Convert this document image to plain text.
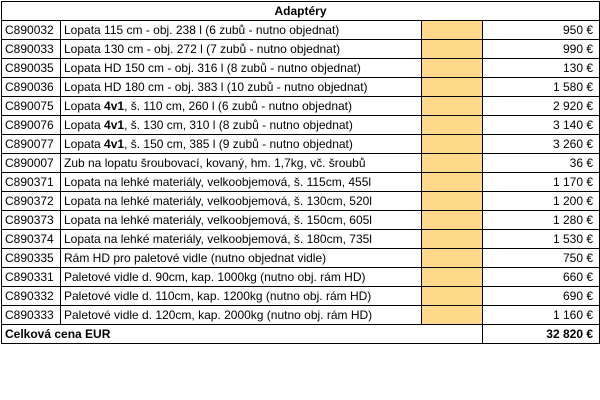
Adaptéry			
C890032	Lopata 115 cm - obj. 238 l (6 zubů - nutno objednat)		950 €
C890033	Lopata 130 cm - obj. 272 l (7 zubů - nutno objednat)		990 €
C890035	Lopata HD 150 cm - obj. 316 l (8 zubů - nutno objednat)		130 €
C890036	Lopata HD 180 cm - obj. 383 l (10 zubů - nutno objednat)		1 580 €
C890075	Lopata 4v1, š. 110 cm, 260 l (6 zubů - nutno objednat)		2 920 €
C890076	Lopata 4v1, š. 130 cm, 310 l (8 zubů - nutno objednat)		3 140 €
C890077	Lopata 4v1, š. 150 cm, 385 l (9 zubů - nutno objednat)		3 260 €
C890007	Zub na lopatu šroubovací, kovaný, hm. 1,7kg, vč. šroubů		36 €
C890371	Lopata na lehké materiály, velkoobjemová, š. 115cm, 455l		1 170 €
C890372	Lopata na lehké materiály, velkoobjemová, š. 130cm, 520l		1 200 €
C890373	Lopata na lehké materiály, velkoobjemová, š. 150cm, 605l		1 280 €
C890374	Lopata na lehké materiály, velkoobjemová, š. 180cm, 735l		1 530 €
C890335	Rám HD pro paletové vidle (nutno objednat vidle)		750 €
C890331	Paletové vidle d. 90cm, kap. 1000kg (nutno obj. rám HD)		660 €
C890332	Paletové vidle d. 110cm, kap. 1200kg (nutno obj. rám HD)		690 €
C890333	Paletové vidle d. 120cm, kap. 2000kg (nutno obj. rám HD)		1 160 €
Celková cena EUR			32 820 €
